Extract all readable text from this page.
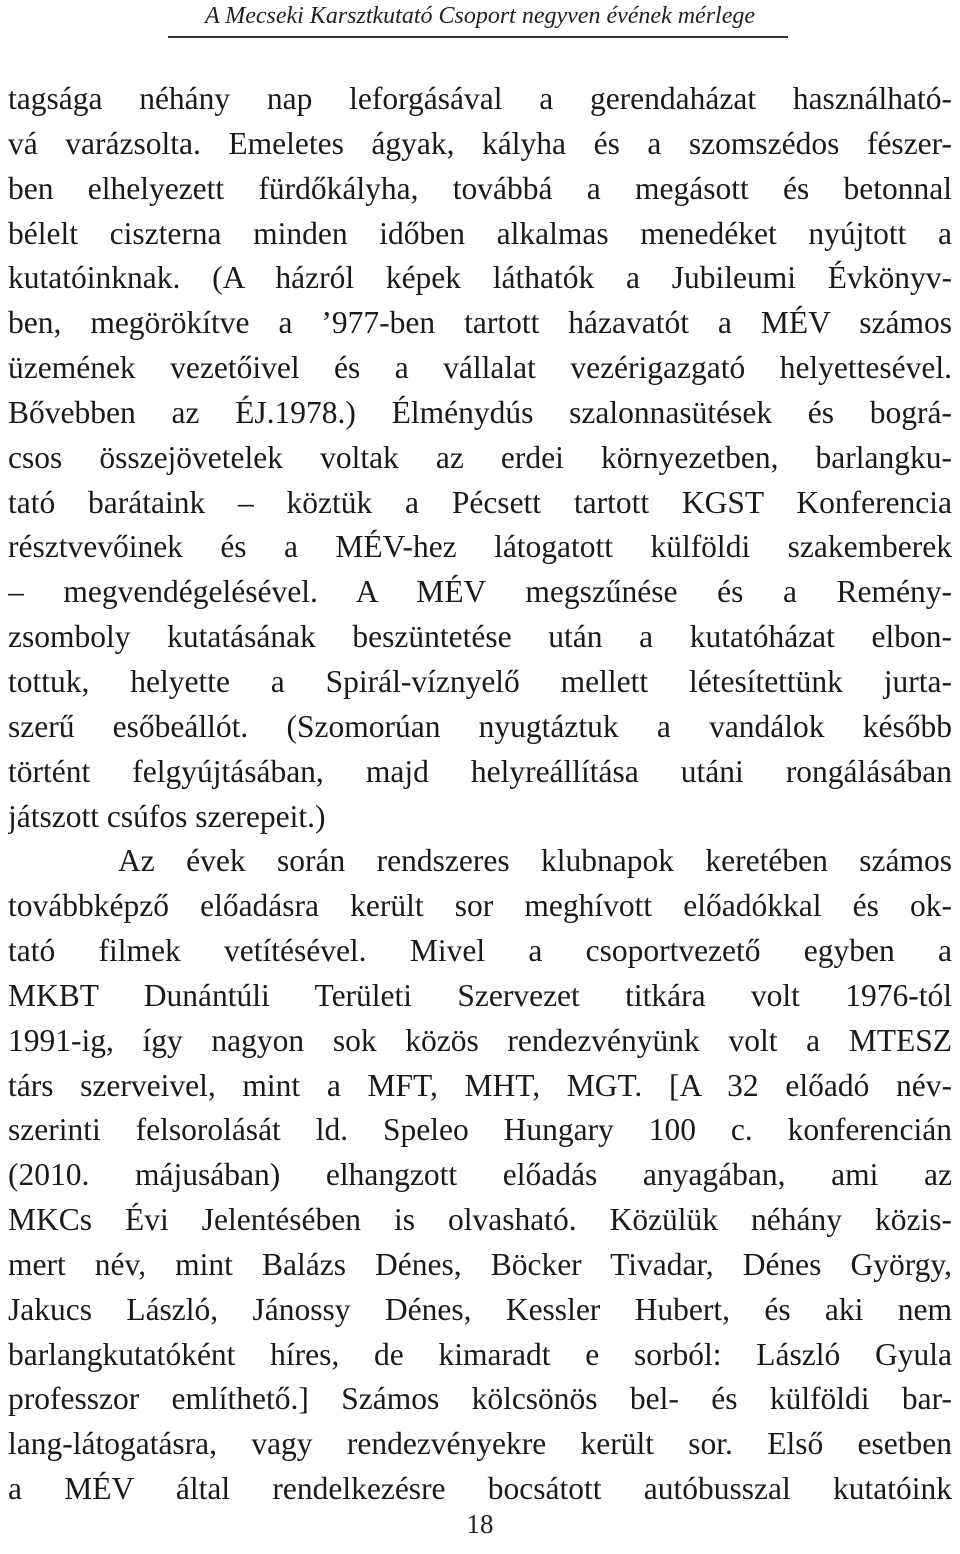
A Mecseki Karsztkutató Csoport negyven évének mérlege
tagsága néhány nap leforgásával a gerendaházat használható-
vá varázsolta. Emeletes ágyak, kályha és a szomszédos fészer-
ben elhelyezett fürdőkályha, továbbá a megásott és betonnal
bélelt ciszterna minden időben alkalmas menedéket nyújtott a
kutatóinknak. (A házról képek láthatók a Jubileumi Évkönyv-
ben, megörökítve a ’977-ben tartott házavatót a MÉV számos
üzemének vezetőivel és a vállalat vezérigazgató helyettesével.
Bővebben az ÉJ.1978.) Élménydús szalonnasütések és bográ-
csos összejövetelek voltak az erdei környezetben, barlangku-
tató barátaink – köztük a Pécsett tartott KGST Konferencia
résztvevőinek és a MÉV-hez látogatott külföldi szakemberek
– megvendégelésével. A MÉV megszűnése és a Remény-
zsomboly kutatásának beszüntetése után a kutatóházat elbon-
tottuk, helyette a Spirál-víznyelő mellett létesítettünk jurta-
szerű esőbeállót. (Szomorúan nyugtáztuk a vandálok később
történt felgyújtásában, majd helyreállítása utáni rongálásában
játszott csúfos szerepeit.)
Az évek során rendszeres klubnapok keretében számos
továbbképző előadásra került sor meghívott előadókkal és ok-
tató filmek vetítésével. Mivel a csoportvezető egyben a
MKBT Dunántúli Területi Szervezet titkára volt 1976-tól
1991-ig, így nagyon sok közös rendezvényünk volt a MTESZ
társ szerveivel, mint a MFT, MHT, MGT. [A 32 előadó név-
szerinti felsorolását ld. Speleo Hungary 100 c. konferencián
(2010. májusában) elhangzott előadás anyagában, ami az
MKCs Évi Jelentésében is olvasható. Közülük néhány közis-
mert név, mint Balázs Dénes, Böcker Tivadar, Dénes György,
Jakucs László, Jánossy Dénes, Kessler Hubert, és aki nem
barlangkutatóként híres, de kimaradt e sorból: László Gyula
professzor említhető.] Számos kölcsönös bel- és külföldi bar-
lang-látogatásra, vagy rendezvényekre került sor. Első esetben
a MÉV által rendelkezésre bocsátott autóbusszal kutatóink
18
